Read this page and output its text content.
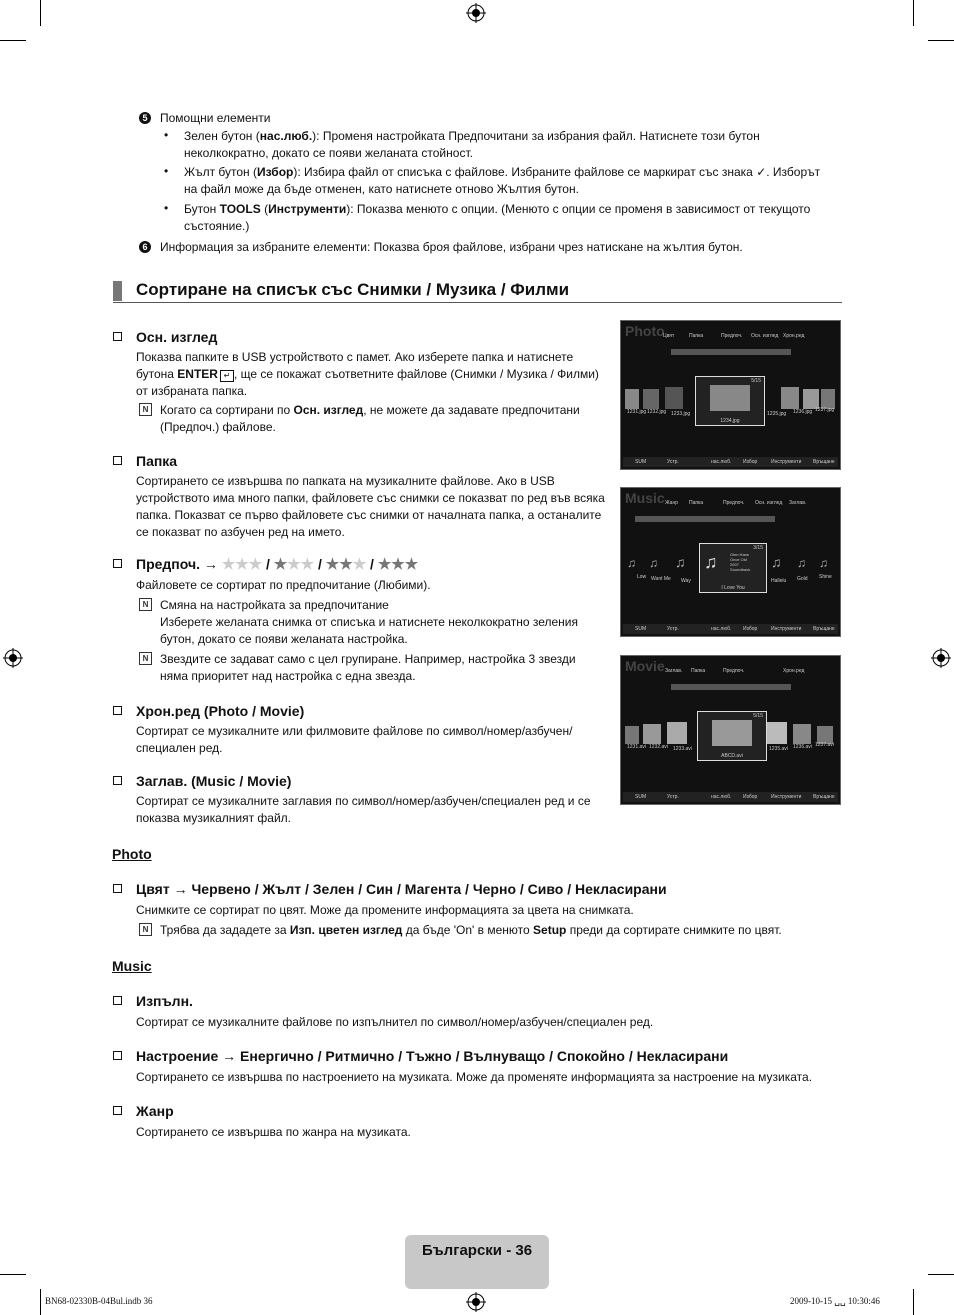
5 Помощни елементи
• Зелен бутон (нас.люб.): Променя настройката Предпочитани за избрания файл. Натиснете този бутон
неколкократно, докато се появи желаната стойност.
• Жълт бутон (Избор): Избира файл от списъка с файлове. Избраните файлове се маркират със знака ✓. Изборът
на файл може да бъде отменен, като натиснете отново Жълтия бутон.
• Бутон TOOLS (Инструменти): Показва менюто с опции. (Менюто с опции се променя в зависимост от текущото
състояние.)
6 Информация за избраните елементи: Показва броя файлове, избрани чрез натискане на жълтия бутон.
Сортиране на списък със Снимки / Музика / Филми
Осн. изглед
Показва папките в USB устройството с памет. Ако изберете папка и натиснете
бутона ENTER ↵ , ще се покажат съответните файлове (Снимки / Музика / Филми)
от избраната папка.
N Когато са сортирани по Осн. изглед, не можете да задавате предпочитани
(Предпоч.) файлове.
Папка
Сортирането се извършва по папката на музикалните файлове. Ако в USB
устройството има много папки, файловете със снимки се показват по ред във всяка
папка. Показват се първо файловете със снимки от началната папка, а останалите
се показват по азбучен ред на името.
Предпоч. → ★★★ / ★★★ / ★★★ / ★★★
Файловете се сортират по предпочитание (Любими).
N Смяна на настройката за предпочитание
Изберете желаната снимка от списъка и натиснете неколкократно зеления
бутон, докато се появи желаната настройка.
N Звездите се задават само с цел групиране. Например, настройка 3 звезди
няма приоритет над настройка с една звезда.
Хрон.ред (Photo / Movie)
Сортират се музикалните или филмовите файлове по символ/номер/азбучен/
специален ред.
Заглав. (Music / Movie)
Сортират се музикалните заглавия по символ/номер/азбучен/специален ред и се
показва музикалният файл.
Photo
Цвят → Червено / Жълт / Зелен / Син / Магента / Черно / Сиво / Некласирани
Снимките се сортират по цвят. Може да промените информацията за цвета на снимката.
N Трябва да зададете за Изп. цветен изглед да бъде 'On' в менюто Setup преди да сортирате снимките по цвят.
Music
Изпълн.
Сортират се музикалните файлове по изпълнител по символ/номер/азбучен/специален ред.
Настроение → Енергично / Ритмично / Тъжно / Вълнуващо / Спокойно / Некласирани
Сортирането се извършва по настроението на музиката. Може да променяте информацията за настроение на музиката.
Жанр
Сортирането се извършва по жанра на музиката.
Photo
Цвят	Папка	Предпоч. Осн. изглед Хрон.ред
1234.jpg
5/15
1231.jpg 1232.jpg 1233.jpg	1235.jpg 1236.jpg 1237.jpg
SUM	Устр.	нас.люб. Избор	Инструменти Връщане
Music Жанр Папка	Предпоч. Осн. изглед Заглав.
♫	Glen Hans
Once Old
2007
Soundtrack
I Love You
3/15
♫ ♫ ♫	♫ ♫ ♫
Low Want Me Way	Hallelu Gold Shine
SUM	Устр.	нас.люб. Избор	Инструменти Връщане
Movie Заглав. Папка	Предпоч.	Хрон.ред
ABCD.avi
5/15
1231.avi 1232.avi 1233.avi	1235.avi 1236.avi 1237.avi
SUM	Устр.	нас.люб. Избор	Инструменти Връщане
Български - 36
BN68-02330B-04Bul.indb 36	2009-10-15 ␣␣ 10:30:46
